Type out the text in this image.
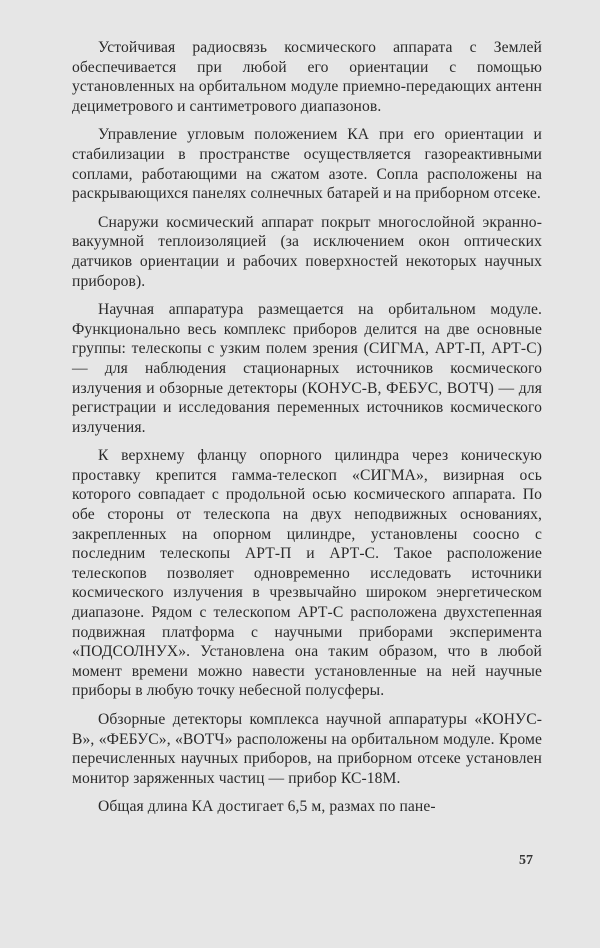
Устойчивая радиосвязь космического аппарата с Землей обеспечивается при любой его ориентации с помощью установленных на орбитальном модуле приемно-передающих антенн дециметрового и сантиметрового диапазонов.

Управление угловым положением КА при его ориентации и стабилизации в пространстве осуществляется газореактивными соплами, работающими на сжатом азоте. Сопла расположены на раскрывающихся панелях солнечных батарей и на приборном отсеке.

Снаружи космический аппарат покрыт многослойной экранно-вакуумной теплоизоляцией (за исключением окон оптических датчиков ориентации и рабочих поверхностей некоторых научных приборов).

Научная аппаратура размещается на орбитальном модуле. Функционально весь комплекс приборов делится на две основные группы: телескопы с узким полем зрения (СИГМА, АРТ-П, АРТ-С) — для наблюдения стационарных источников космического излучения и обзорные детекторы (КОНУС-В, ФЕБУС, ВОТЧ) — для регистрации и исследования переменных источников космического излучения.

К верхнему фланцу опорного цилиндра через коническую проставку крепится гамма-телескоп «СИГМА», визирная ось которого совпадает с продольной осью космического аппарата. По обе стороны от телескопа на двух неподвижных основаниях, закрепленных на опорном цилиндре, установлены соосно с последним телескопы АРТ-П и АРТ-С. Такое расположение телескопов позволяет одновременно исследовать источники космического излучения в чрезвычайно широком энергетическом диапазоне. Рядом с телескопом АРТ-С расположена двухстепенная подвижная платформа с научными приборами эксперимента «ПОДСОЛНУХ». Установлена она таким образом, что в любой момент времени можно навести установленные на ней научные приборы в любую точку небесной полусферы.

Обзорные детекторы комплекса научной аппаратуры «КОНУС-В», «ФЕБУС», «ВОТЧ» расположены на орбитальном модуле. Кроме перечисленных научных приборов, на приборном отсеке установлен монитор заряженных частиц — прибор КС-18М.

Общая длина КА достигает 6,5 м, размах по пане-

57
